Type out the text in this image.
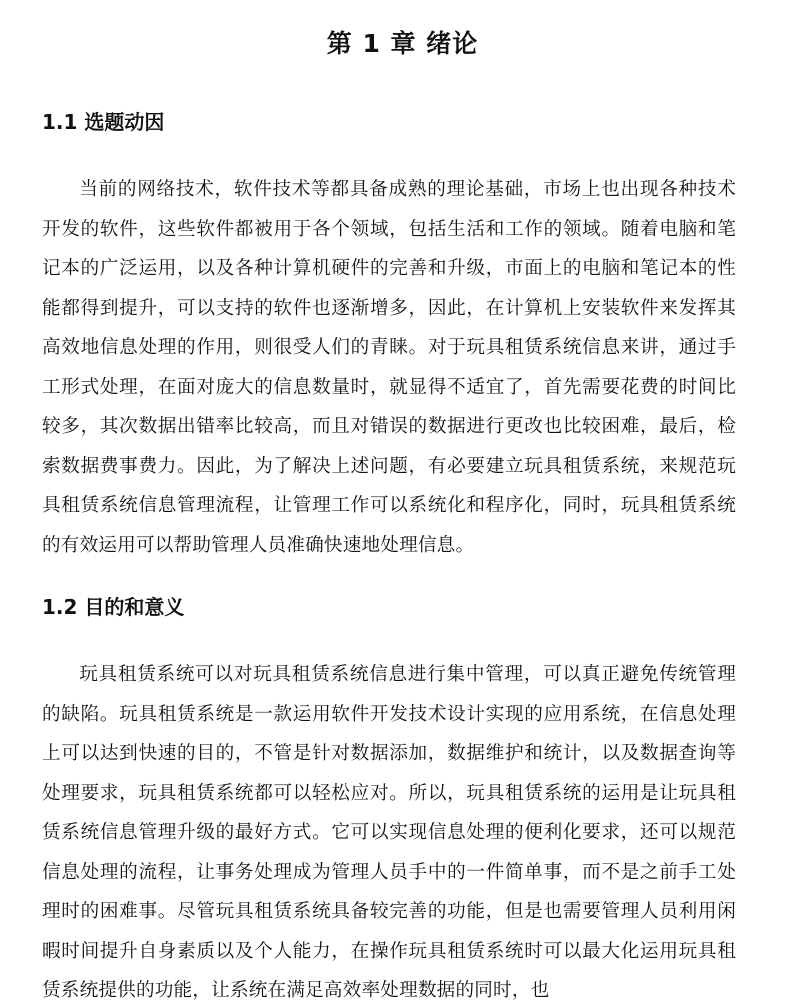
第 1 章 绪论
1.1 选题动因

当前的网络技术，软件技术等都具备成熟的理论基础，市场上也出现各种技术开发的软件，这些软件都被用于各个领域，包括生活和工作的领域。随着电脑和笔记本的广泛运用，以及各种计算机硬件的完善和升级，市面上的电脑和笔记本的性能都得到提升，可以支持的软件也逐渐增多，因此，在计算机上安装软件来发挥其高效地信息处理的作用，则很受人们的青睐。对于玩具租赁系统信息来讲，通过手工形式处理，在面对庞大的信息数量时，就显得不适宜了，首先需要花费的时间比较多，其次数据出错率比较高，而且对错误的数据进行更改也比较困难，最后，检索数据费事费力。因此，为了解决上述问题，有必要建立玩具租赁系统，来规范玩具租赁系统信息管理流程，让管理工作可以系统化和程序化，同时，玩具租赁系统的有效运用可以帮助管理人员准确快速地处理信息。

1.2 目的和意义

玩具租赁系统可以对玩具租赁系统信息进行集中管理，可以真正避免传统管理的缺陷。玩具租赁系统是一款运用软件开发技术设计实现的应用系统，在信息处理上可以达到快速的目的，不管是针对数据添加，数据维护和统计，以及数据查询等处理要求，玩具租赁系统都可以轻松应对。所以，玩具租赁系统的运用是让玩具租赁系统信息管理升级的最好方式。它可以实现信息处理的便利化要求，还可以规范信息处理的流程，让事务处理成为管理人员手中的一件简单事，而不是之前手工处理时的困难事。尽管玩具租赁系统具备较完善的功能，但是也需要管理人员利用闲暇时间提升自身素质以及个人能力，在操作玩具租赁系统时可以最大化运用玩具租赁系统提供的功能，让系统在满足高效率处理数据的同时，也
